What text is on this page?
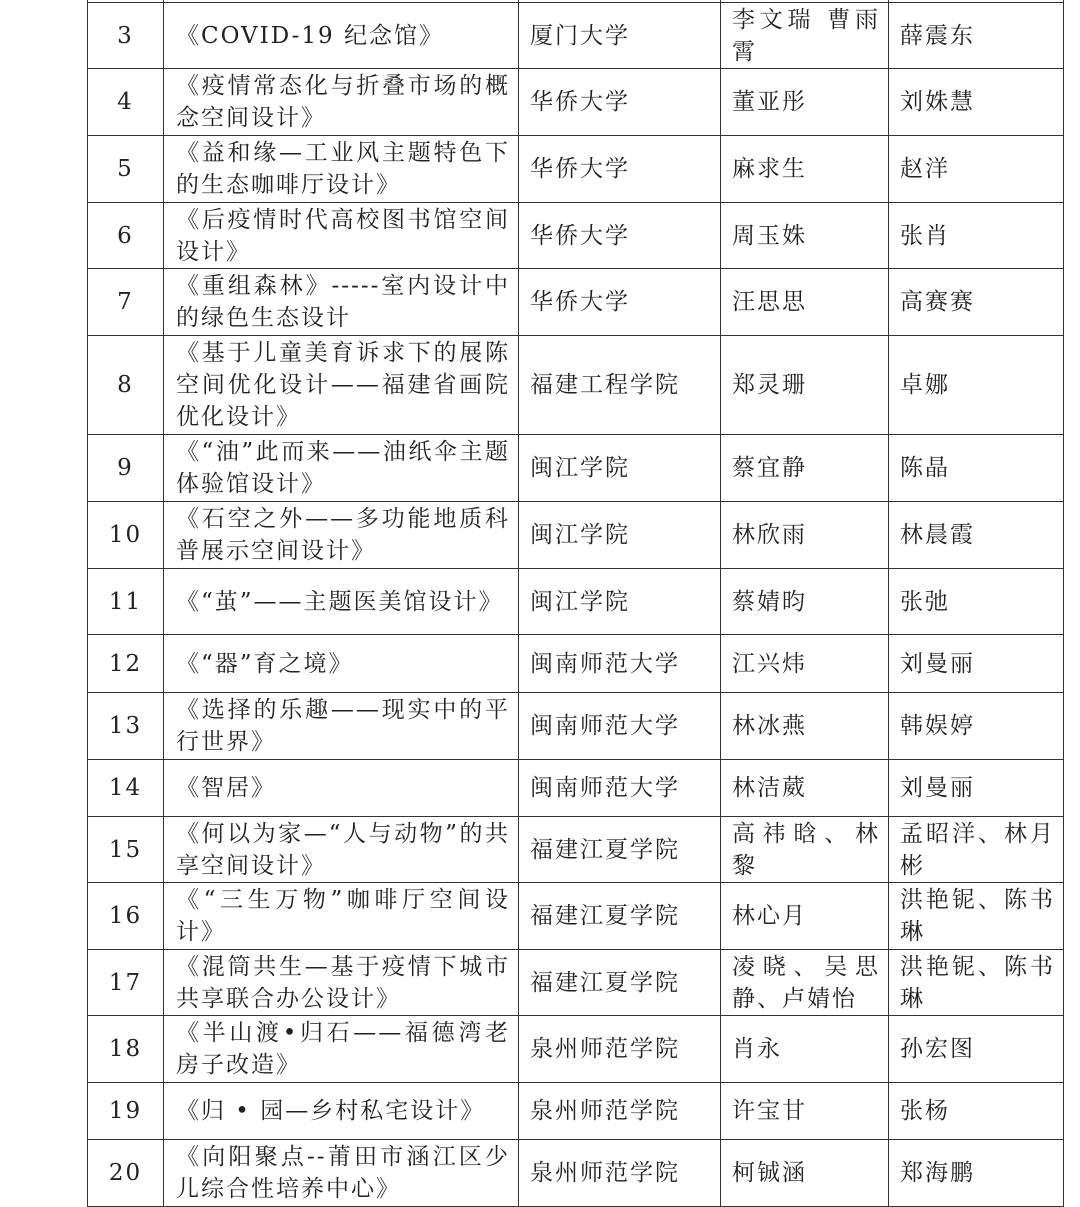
3	《COVID-19 纪念馆》	厦门大学	李文瑞 曹雨霄	薛震东
4	《疫情常态化与折叠市场的概念空间设计》	华侨大学	董亚彤	刘姝慧
5	《益和缘—工业风主题特色下的生态咖啡厅设计》	华侨大学	麻求生	赵洋
6	《后疫情时代高校图书馆空间设计》	华侨大学	周玉姝	张肖
7	《重组森林》-----室内设计中的绿色生态设计	华侨大学	汪思思	高赛赛
8	《基于儿童美育诉求下的展陈空间优化设计——福建省画院优化设计》	福建工程学院	郑灵珊	卓娜
9	《“油”此而来——油纸伞主题体验馆设计》	闽江学院	蔡宜静	陈晶
10	《石空之外——多功能地质科普展示空间设计》	闽江学院	林欣雨	林晨霞
11	《“茧”——主题医美馆设计》	闽江学院	蔡婧昀	张弛
12	《“器”育之境》	闽南师范大学	江兴炜	刘曼丽
13	《选择的乐趣——现实中的平行世界》	闽南师范大学	林冰燕	韩娱婷
14	《智居》	闽南师范大学	林洁葳	刘曼丽
15	《何以为家—“人与动物”的共享空间设计》	福建江夏学院	高祎晗、林黎	孟昭洋、林月彬
16	《“三生万物”咖啡厅空间设计》	福建江夏学院	林心月	洪艳铌、陈书琳
17	《混筒共生—基于疫情下城市共享联合办公设计》	福建江夏学院	凌晓、吴思静、卢婧怡	洪艳铌、陈书琳
18	《半山渡•归石——福德湾老房子改造》	泉州师范学院	肖永	孙宏图
19	《归 • 园—乡村私宅设计》	泉州师范学院	许宝甘	张杨
20	《向阳聚点--莆田市涵江区少儿综合性培养中心》	泉州师范学院	柯铖涵	郑海鹏
